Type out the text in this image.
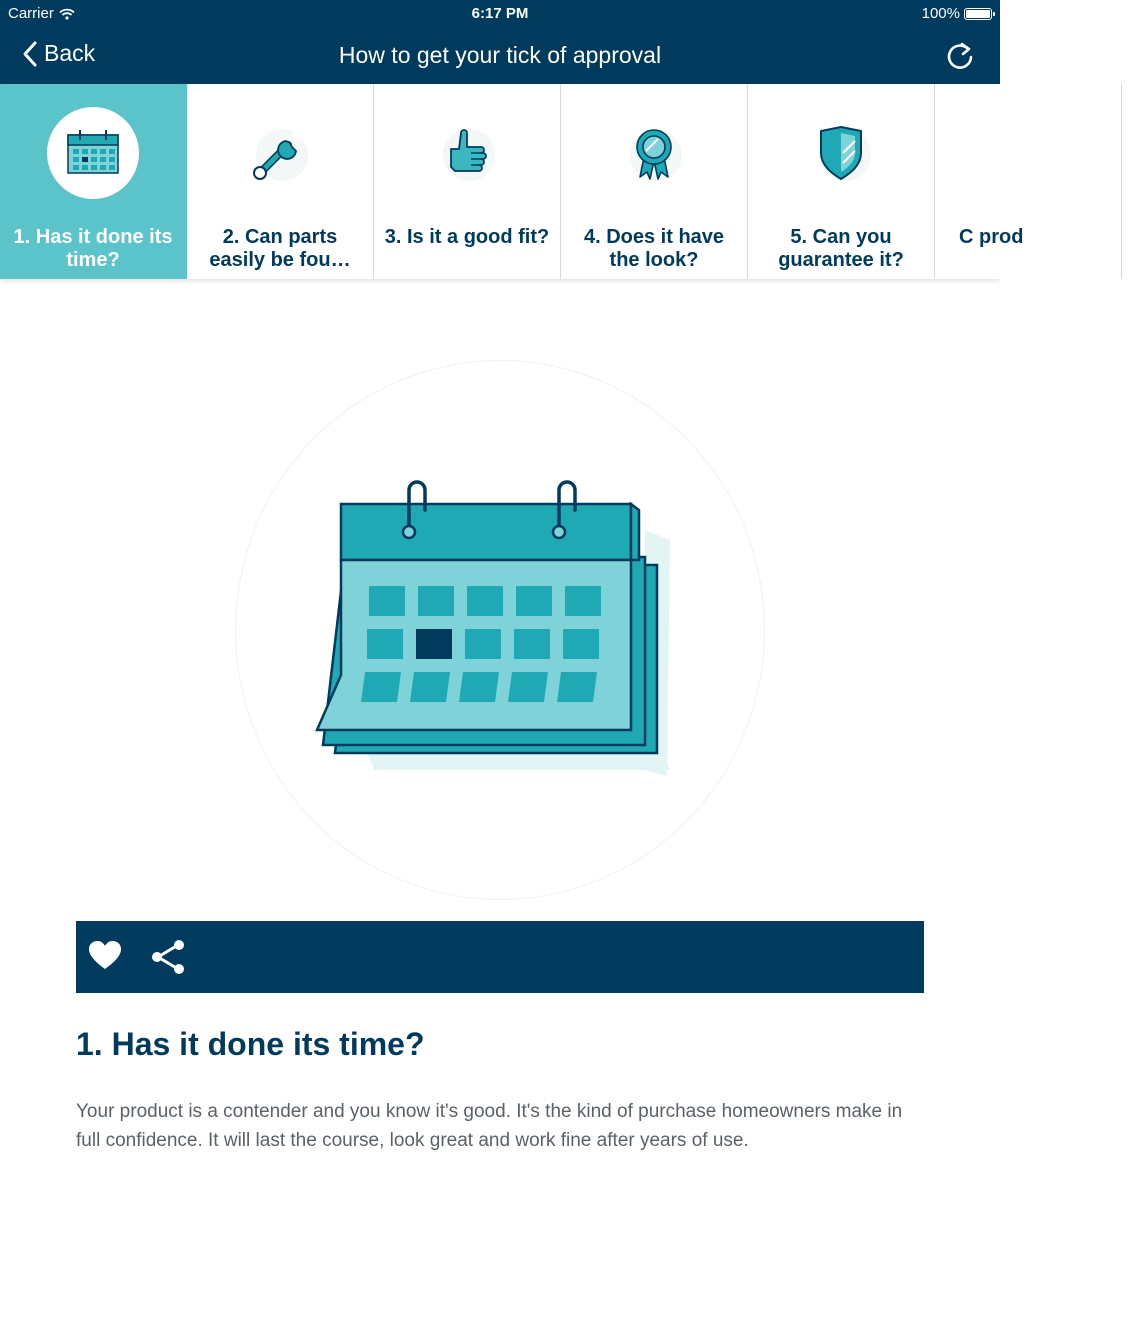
Carrier	6:17 PM	100%
Back	How to get your tick of approval
1. Has it done its time?
2. Can parts easily be fou…
3. Is it a good fit?	4. Does it have the look?
5. Can you guarantee it?
C prod
1. Has it done its time?
Your product is a contender and you know it's good. It's the kind of purchase homeowners make in full confidence. It will last the course, look great and work fine after years of use.
